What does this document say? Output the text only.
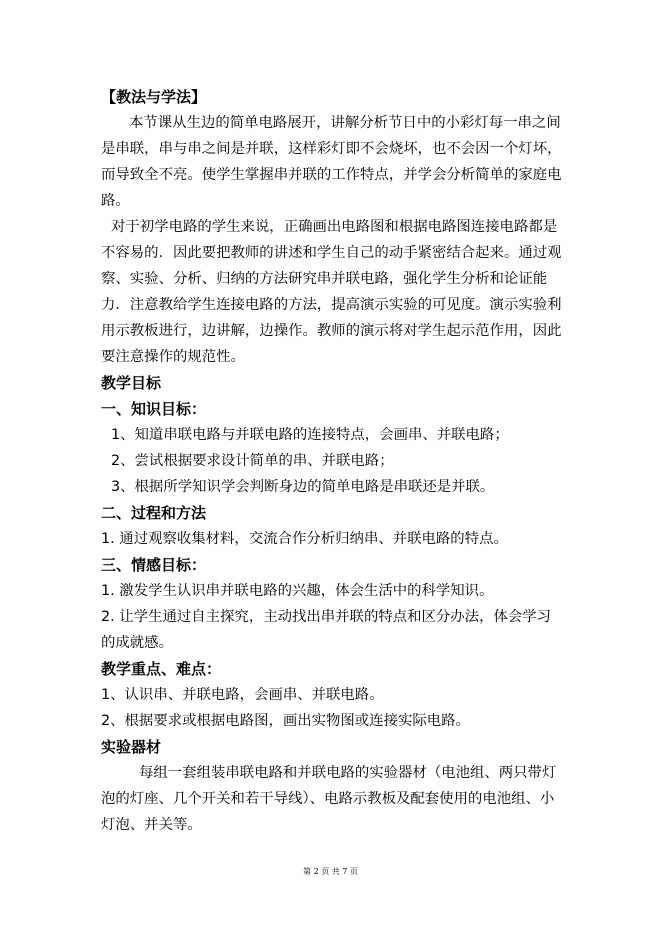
【教法与学法】

本节课从生边的简单电路展开，讲解分析节日中的小彩灯每一串之间是串联，串与串之间是并联，这样彩灯即不会烧坏，也不会因一个灯坏，而导致全不亮。使学生掌握串并联的工作特点，并学会分析简单的家庭电路。

对于初学电路的学生来说，正确画出电路图和根据电路图连接电路都是不容易的．因此要把教师的讲述和学生自己的动手紧密结合起来。通过观察、实验、分析、归纳的方法研究串并联电路，强化学生分析和论证能力．注意教给学生连接电路的方法，提高演示实验的可见度。演示实验利用示教板进行，边讲解，边操作。教师的演示将对学生起示范作用，因此要注意操作的规范性。

教学目标
一、知识目标：

1、知道串联电路与并联电路的连接特点，会画串、并联电路；

2、尝试根据要求设计简单的串、并联电路；

3、根据所学知识学会判断身边的简单电路是串联还是并联。

二、过程和方法

1. 通过观察收集材料，交流合作分析归纳串、并联电路的特点。

三、情感目标：

1. 激发学生认识串并联电路的兴趣，体会生活中的科学知识。

2. 让学生通过自主探究，主动找出串并联的特点和区分办法，体会学习的成就感。

教学重点、难点：

1、认识串、并联电路，会画串、并联电路。

2、根据要求或根据电路图，画出实物图或连接实际电路。

实验器材

每组一套组装串联电路和并联电路的实验器材（电池组、两只带灯泡的灯座、几个开关和若干导线）、电路示教板及配套使用的电池组、小灯泡、并关等。

第 2 页 共 7 页
